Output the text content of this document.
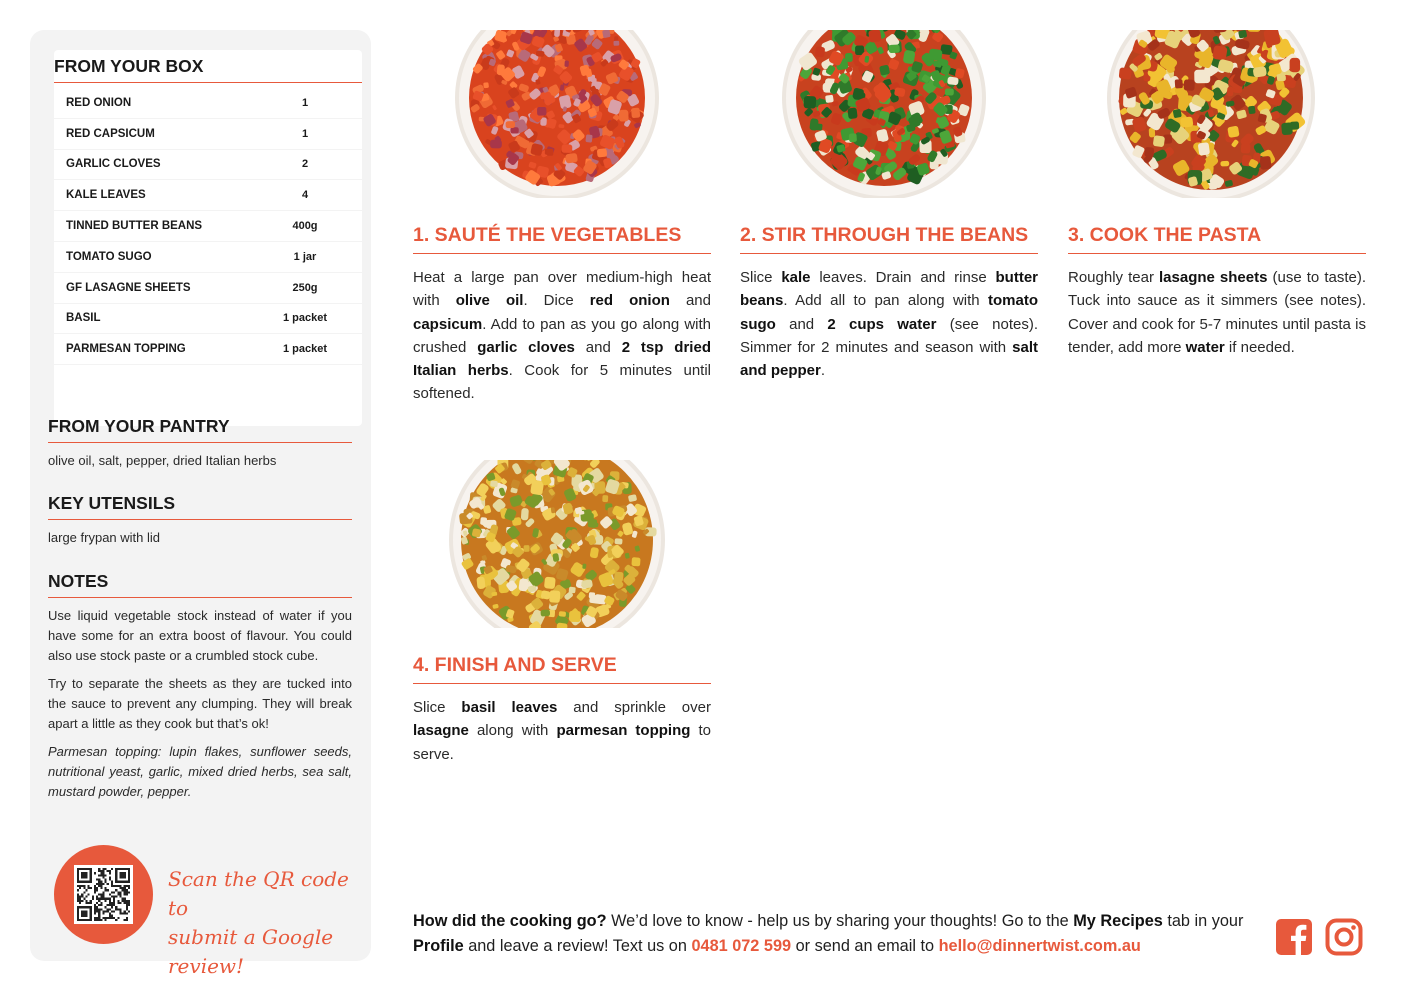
FROM YOUR BOX
RED ONION	1
RED CAPSICUM	1
GARLIC CLOVES	2
KALE LEAVES	4
TINNED BUTTER BEANS	400g
TOMATO SUGO	1 jar
GF LASAGNE SHEETS	250g
BASIL	1 packet
PARMESAN TOPPING	1 packet
FROM YOUR PANTRY
olive oil, salt, pepper, dried Italian herbs
KEY UTENSILS
large frypan with lid
NOTES
Use liquid vegetable stock instead of water if you have some for an extra boost of flavour. You could also use stock paste or a crumbled stock cube.
Try to separate the sheets as they are tucked into the sauce to prevent any clumping. They will break apart a little as they cook but that’s ok!
Parmesan topping: lupin flakes, sunflower seeds, nutritional yeast, garlic, mixed dried herbs, sea salt, mustard powder, pepper.
Scan the QR code to
submit a Google review!
1. SAUTÉ THE VEGETABLES
Heat a large pan over medium-high heat with olive oil. Dice red onion and capsicum. Add to pan as you go along with crushed garlic cloves and 2 tsp dried Italian herbs. Cook for 5 minutes until softened.
2. STIR THROUGH THE BEANS
Slice kale leaves. Drain and rinse butter beans. Add all to pan along with tomato sugo and 2 cups water (see notes). Simmer for 2 minutes and season with salt and pepper.
3. COOK THE PASTA
Roughly tear lasagne sheets (use to taste). Tuck into sauce as it simmers (see notes). Cover and cook for 5-7 minutes until pasta is tender, add more water if needed.
4. FINISH AND SERVE
Slice basil leaves and sprinkle over lasagne along with parmesan topping to serve.
How did the cooking go? We’d love to know - help us by sharing your thoughts! Go to the My Recipes tab in your Profile and leave a review! Text us on 0481 072 599 or send an email to hello@dinnertwist.com.au
